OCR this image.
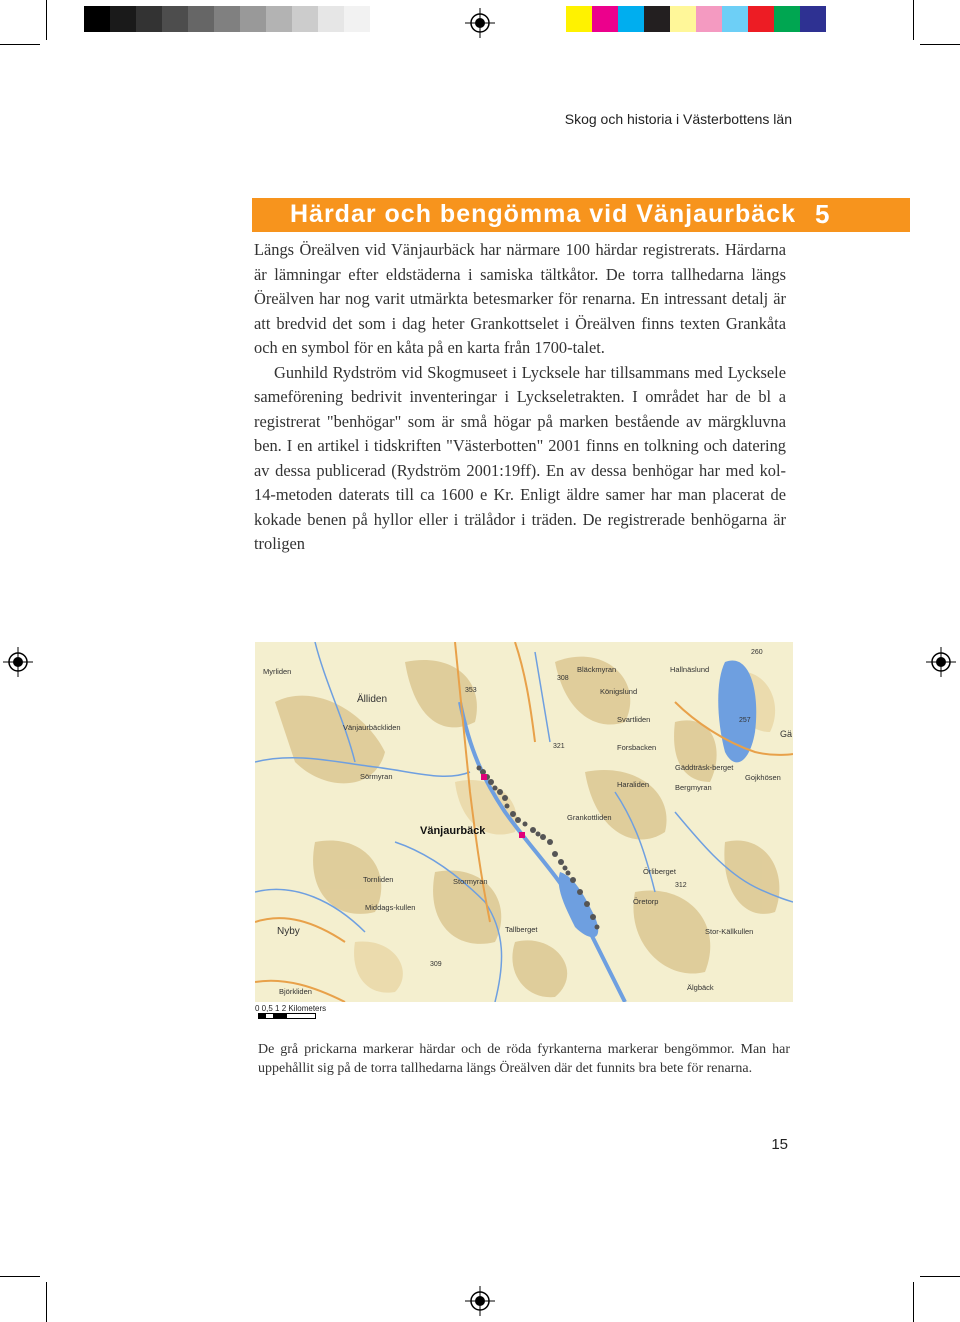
Skog och historia i Västerbottens län
Härdar och bengömma vid Vänjaurbäck 5

Längs Öreälven vid Vänjaurbäck har närmare 100 härdar registrerats. Härdarna är lämningar efter eldstäderna i samiska tältkåtor. De torra tallhedarna längs Öreälven har nog varit utmärkta betesmarker för renarna. En intressant detalj är att bredvid det som i dag heter Grankottselet i Öreälven finns texten Grankåta och en symbol för en kåta på en karta från 1700-talet.

Gunhild Rydström vid Skogmuseet i Lycksele har tillsammans med Lycksele sameförening bedrivit inventeringar i Lyckseletrakten. I området har de bl a registrerat "benhögar" som är små högar på marken bestående av märgkluvna ben. I en artikel i tidskriften "Västerbotten" 2001 finns en tolkning och datering av dessa publicerad (Rydström 2001:19ff). En av dessa benhögar har med kol-14-metoden daterats till ca 1600 e Kr. Enligt äldre samer har man placerat de kokade benen på hyllor eller i trälådor i träden. De registrerade benhögarna är troligen

Myrliden
Älliden
Bläckmyran
Königslund
Hallnäslund
Svartliden
Vänjaurbäckliden
Forsbacken
Sörmyran
Haraliden
Gäddträsk-berget
Bergmyran
Gojkhösen
Grankottliden
Vänjaurbäck
Tornliden	Stormyran
Örliberget
Middags-kullen
Öretorp
Nyby	Tallberget	Stor-Källkullen
Björkliden	Älgbäck
Gä
353
308
321
312
257
260
309
0 0,5 1 2 Kilometers
De grå prickarna markerar härdar och de röda fyrkanterna markerar bengömmor. Man har uppehållit sig på de torra tallhedarna längs Öreälven där det funnits bra bete för renarna.
15
